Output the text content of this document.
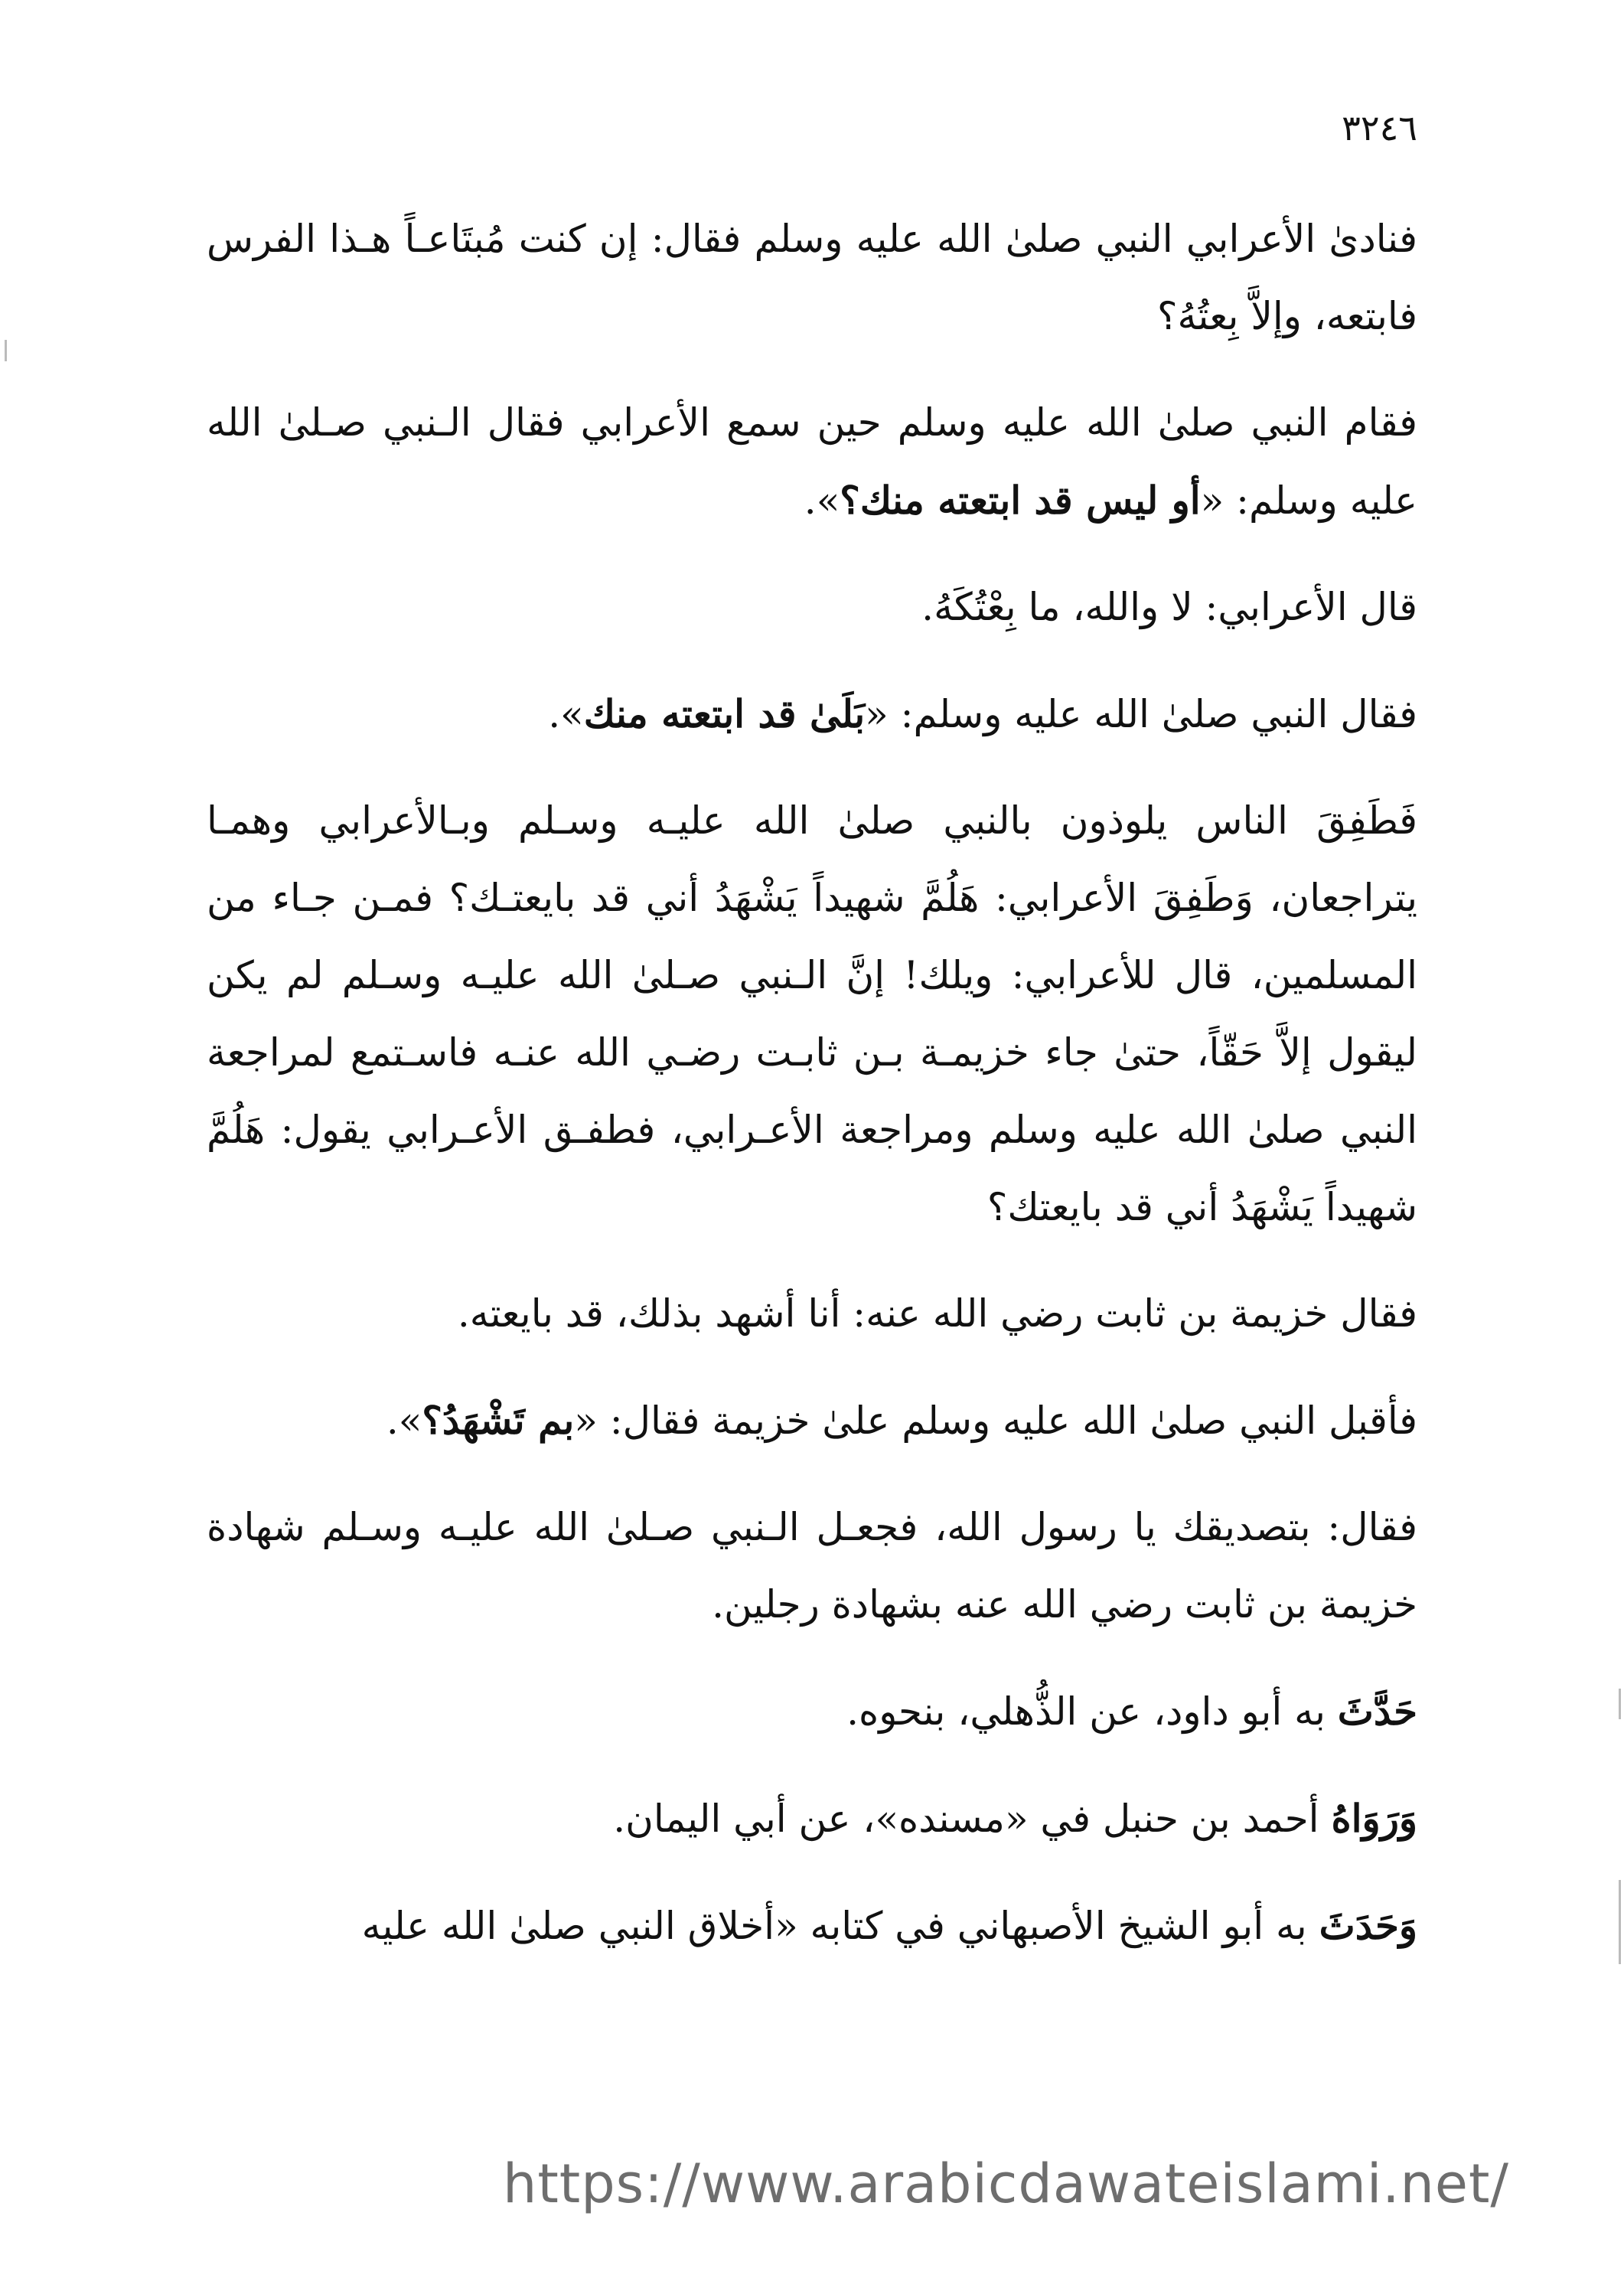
٣٢٤٦

فنادىٰ الأعرابي النبي صلىٰ الله عليه وسلم فقال: إن كنت مُبتَاعـاً هـذا الفرس فابتعه، وإلاَّ بِعتُهُ؟

فقام النبي صلىٰ الله عليه وسلم حين سمع الأعرابي فقال الـنبي صـلىٰ الله عليه وسلم: «أو ليس قد ابتعته منك؟».

قال الأعرابي: لا والله، ما بِعْتُكَهُ.

فقال النبي صلىٰ الله عليه وسلم: «بَلَىٰ قد ابتعته منك».

فَطَفِقَ الناس يلوذون بالنبي صلىٰ الله عليـه وسـلم وبـالأعرابي وهمـا يتراجعان، وَطَفِقَ الأعرابي: هَلُمَّ شهيداً يَشْهَدُ أني قد بايعتـك؟ فمـن جـاء من المسلمين، قال للأعرابي: ويلك! إنَّ الـنبي صـلىٰ الله عليـه وسـلم لم يكن ليقول إلاَّ حَقّاً، حتىٰ جاء خزيمـة بـن ثابـت رضـي الله عنـه فاسـتمع لمراجعة النبي صلىٰ الله عليه وسلم ومراجعة الأعـرابي، فطفـق الأعـرابي يقول: هَلُمَّ شهيداً يَشْهَدُ أني قد بايعتك؟

فقال خزيمة بن ثابت رضي الله عنه: أنا أشهد بذلك، قد بايعته.

فأقبل النبي صلىٰ الله عليه وسلم علىٰ خزيمة فقال: «بم تَشْهَدُ؟».

فقال: بتصديقك يا رسول الله، فجعـل الـنبي صـلىٰ الله عليـه وسـلم شهادة خزيمة بن ثابت رضي الله عنه بشهادة رجلين.

حَدَّثَ به أبو داود، عن الذُّهلي، بنحوه.

وَرَوَاهُ أحمد بن حنبل في «مسنده»، عن أبي اليمان.

وَحَدَثَ به أبو الشيخ الأصبهاني في كتابه «أخلاق النبي صلىٰ الله عليه

https://www.arabicdawateislami.net/
